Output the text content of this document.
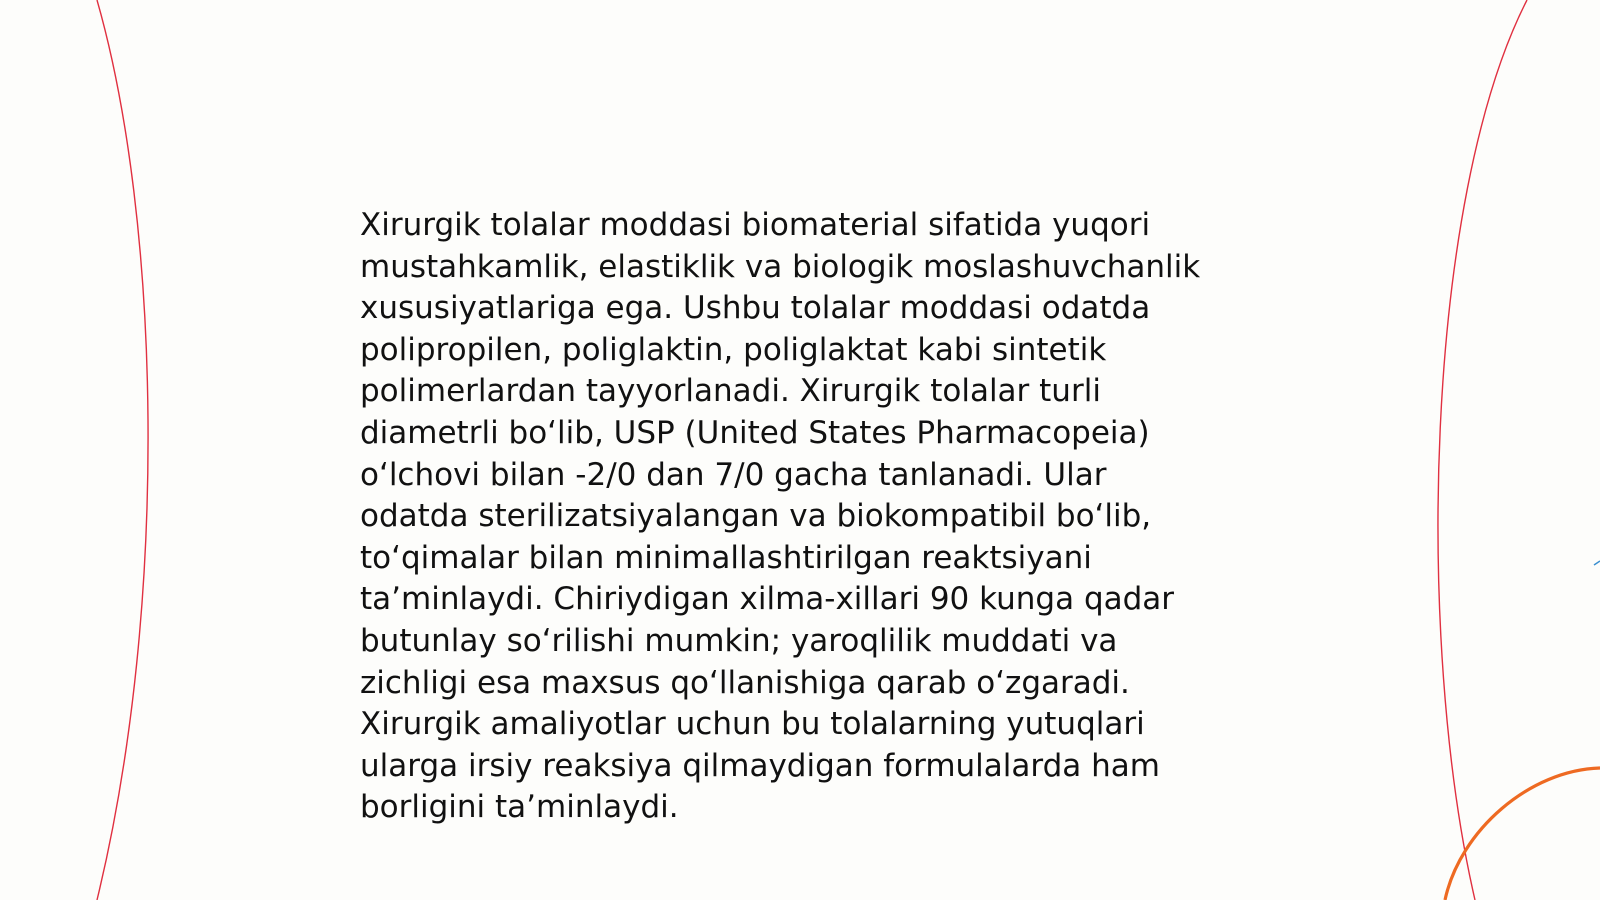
Xirurgik tolalar moddasi biomaterial sifatida yuqori
mustahkamlik, elastiklik va biologik moslashuvchanlik
xususiyatlariga ega. Ushbu tolalar moddasi odatda
polipropilen, poliglaktin, poliglaktat kabi sintetik
polimerlardan tayyorlanadi. Xirurgik tolalar turli
diametrli bo‘lib, USP (United States Pharmacopeia)
o‘lchovi bilan -2/0 dan 7/0 gacha tanlanadi. Ular
odatda sterilizatsiyalangan va biokompatibil bo‘lib,
to‘qimalar bilan minimallashtirilgan reaktsiyani
ta’minlaydi. Chiriydigan xilma-xillari 90 kunga qadar
butunlay so‘rilishi mumkin; yaroqlilik muddati va
zichligi esa maxsus qo‘llanishiga qarab o‘zgaradi.
Xirurgik amaliyotlar uchun bu tolalarning yutuqlari
ularga irsiy reaksiya qilmaydigan formulalarda ham
borligini ta’minlaydi.
